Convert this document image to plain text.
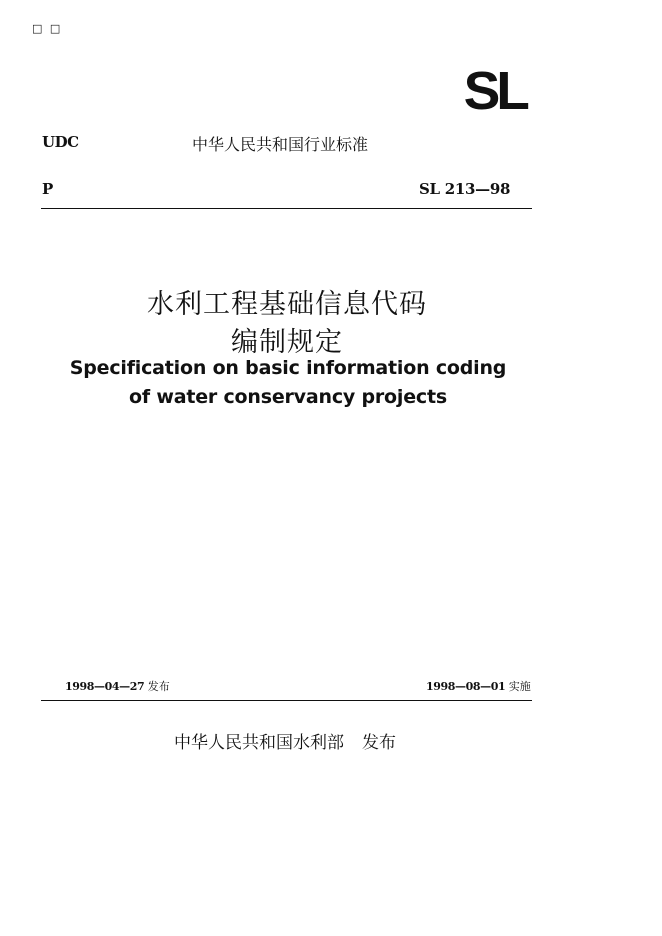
□ □
SL
UDC	中华人民共和国行业标准
P	SL 213—98
水利工程基础信息代码
编制规定
Specification on basic information coding
of water conservancy projects
1998—04—27 发布	1998—08—01 实施
中华人民共和国水利部 发布
